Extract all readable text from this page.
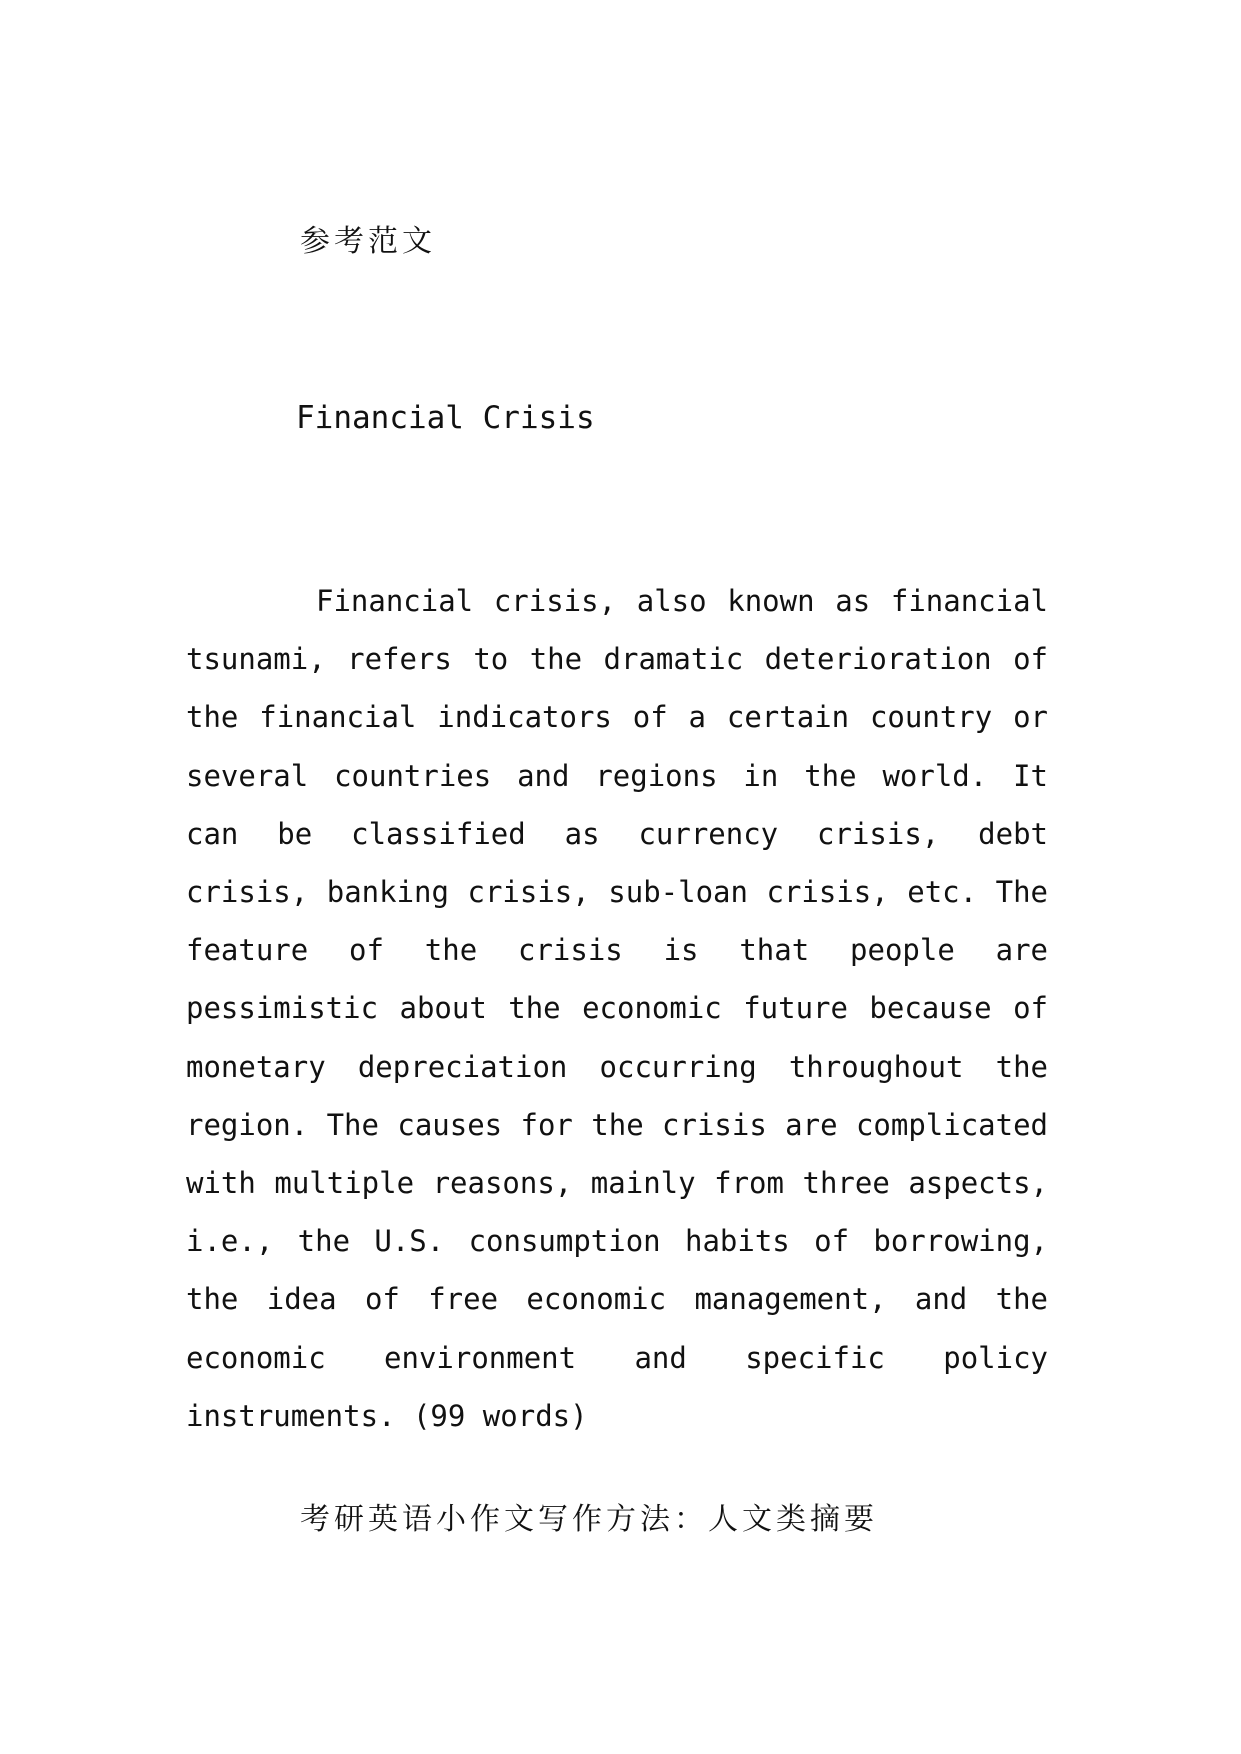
参考范文
Financial Crisis

Financial crisis, also known as financial tsunami, refers to the dramatic deterioration of the financial indicators of a certain country or several countries and regions in the world. It can be classified as currency crisis, debt crisis, banking crisis, sub-loan crisis, etc. The feature of the crisis is that people are pessimistic about the economic future because of monetary depreciation occurring throughout the region. The causes for the crisis are complicated with multiple reasons, mainly from three aspects, i.e., the U.S. consumption habits of borrowing, the idea of free economic management, and the economic environment and specific policy instruments. (99 words)

考研英语小作文写作方法：人文类摘要
